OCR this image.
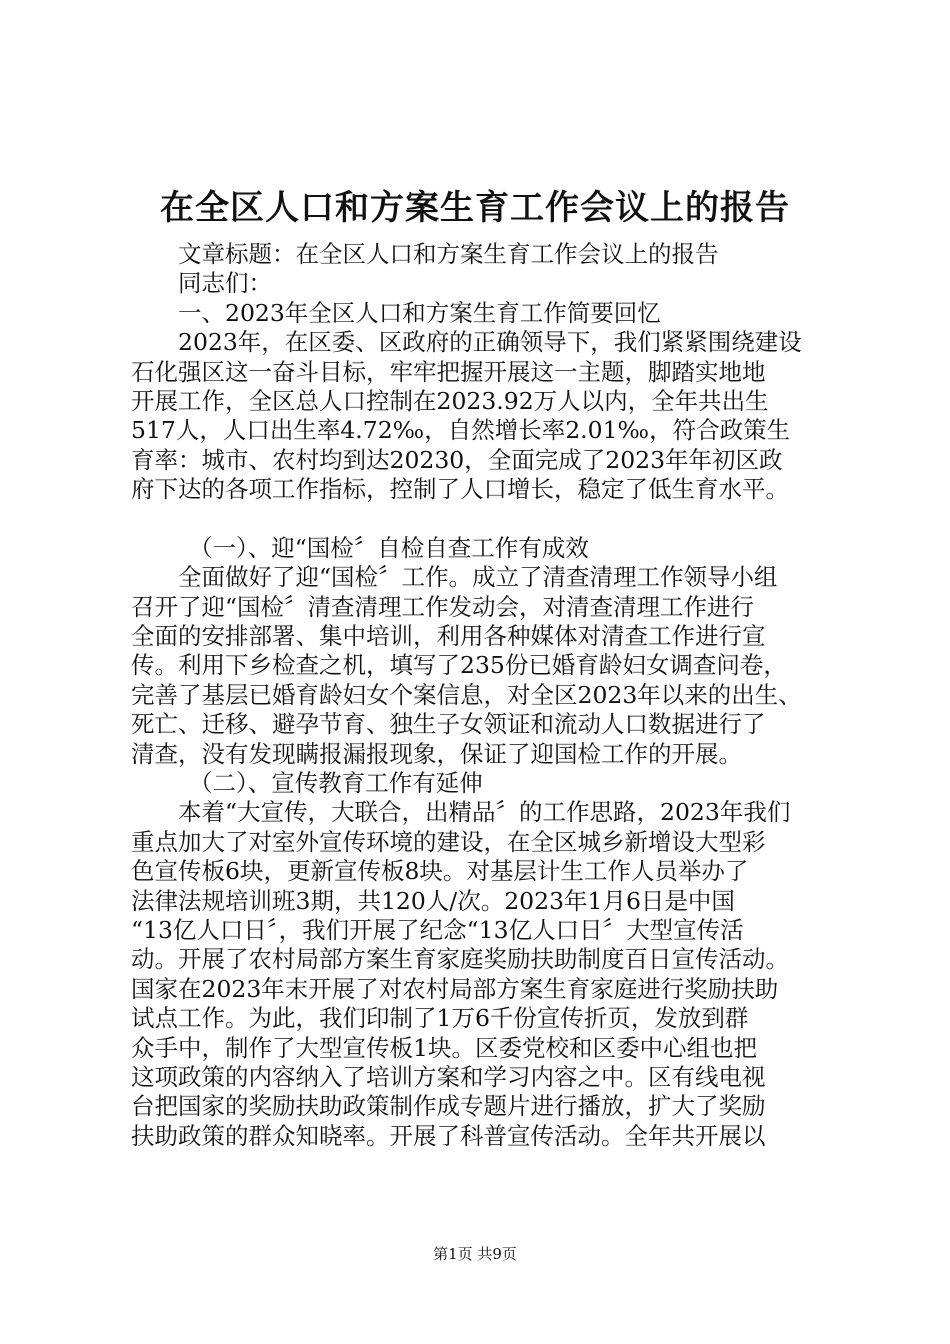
在全区人口和方案生育工作会议上的报告
文章标题：在全区人口和方案生育工作会议上的报告
同志们：
一、2023年全区人口和方案生育工作简要回忆
2023年，在区委、区政府的正确领导下，我们紧紧围绕建设
石化强区这一奋斗目标，牢牢把握开展这一主题，脚踏实地地
开展工作，全区总人口控制在2023.92万人以内，全年共出生
517人，人口出生率4.72‰，自然增长率2.01‰，符合政策生
育率：城市、农村均到达20230，全面完成了2023年年初区政
府下达的各项工作指标，控制了人口增长，稳定了低生育水平。
（一）、迎“国检〞自检自查工作有成效
全面做好了迎“国检〞工作。成立了清查清理工作领导小组
召开了迎“国检〞清查清理工作发动会，对清查清理工作进行
全面的安排部署、集中培训，利用各种媒体对清查工作进行宣
传。利用下乡检查之机，填写了235份已婚育龄妇女调查问卷，
完善了基层已婚育龄妇女个案信息，对全区2023年以来的出生、
死亡、迁移、避孕节育、独生子女领证和流动人口数据进行了
清查，没有发现瞒报漏报现象，保证了迎国检工作的开展。
（二）、宣传教育工作有延伸
本着“大宣传，大联合，出精品〞的工作思路，2023年我们
重点加大了对室外宣传环境的建设，在全区城乡新增设大型彩
色宣传板6块，更新宣传板8块。对基层计生工作人员举办了
法律法规培训班3期，共120人/次。2023年1月6日是中国
“13亿人口日〞，我们开展了纪念“13亿人口日〞大型宣传活
动。开展了农村局部方案生育家庭奖励扶助制度百日宣传活动。
国家在2023年末开展了对农村局部方案生育家庭进行奖励扶助
试点工作。为此，我们印制了1万6千份宣传折页，发放到群
众手中，制作了大型宣传板1块。区委党校和区委中心组也把
这项政策的内容纳入了培训方案和学习内容之中。区有线电视
台把国家的奖励扶助政策制作成专题片进行播放，扩大了奖励
扶助政策的群众知晓率。开展了科普宣传活动。全年共开展以
第1页 共9页
